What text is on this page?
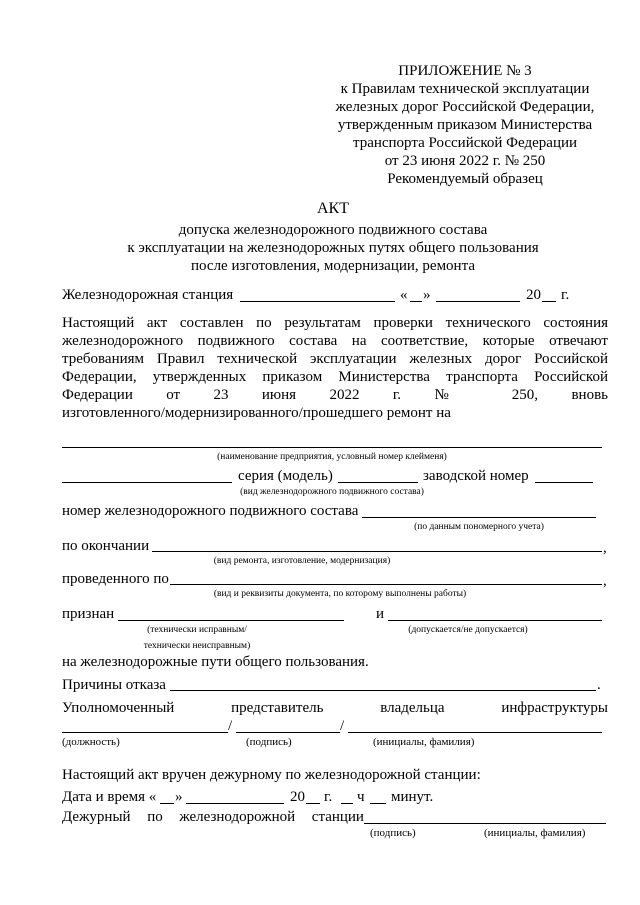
ПРИЛОЖЕНИЕ № 3
к Правилам технической эксплуатации
железных дорог Российской Федерации,
утвержденным приказом Министерства
транспорта Российской Федерации
от 23 июня 2022 г. № 250
Рекомендуемый образец
АКТ
допуска железнодорожного подвижного состава
к эксплуатации на железнодорожных путях общего пользования
после изготовления, модернизации, ремонта
Железнодорожная станция	« »	20 г.
Настоящий акт составлен по результатам проверки технического состояния
железнодорожного подвижного состава на соответствие, которые отвечают
требованиям Правил технической эксплуатации железных дорог Российской
Федерации, утвержденных приказом Министерства транспорта Российской
Федерации от 23 июня 2022 г. № 250, вновь
изготовленного/модернизированного/прошедшего ремонт на
(наименование предприятия, условный номер клейменя)
серия (модель)	заводской номер
(вид железнодорожного подвижного состава)
номер железнодорожного подвижного состава
(по данным пономерного учета)
по окончании	,
(вид ремонта, изготовление, модернизация)
проведенного по	,
(вид и реквизиты документа, по которому выполнены работы)
признан	и
(технически исправным/
технически неисправным)
(допускается/не допускается)
на железнодорожные пути общего пользования.
Причины отказа	.
Уполномоченный	представитель	владельца	инфраструктуры
/	/
(должность)	(подпись)	(инициалы, фамилия)
Настоящий акт вручен дежурному по железнодорожной станции:
Дата и время « »	20 г. ч минут.
Дежурный по железнодорожной станции
(подпись)	(инициалы, фамилия)
